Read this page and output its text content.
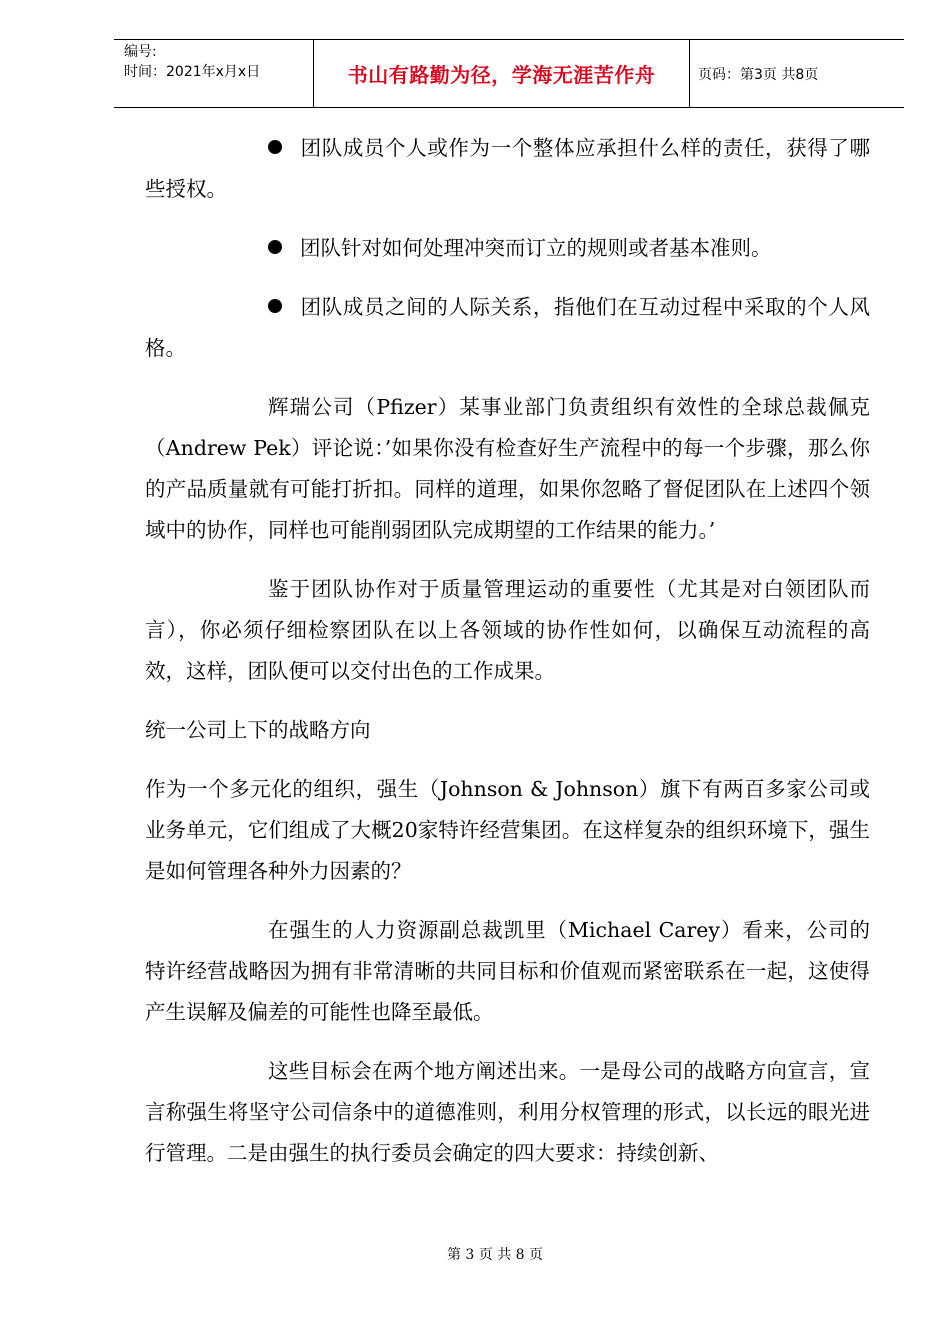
编号:
时间：2021年x月x日	书山有路勤为径，学海无涯苦作舟	页码：第3页 共8页

团队成员个人或作为一个整体应承担什么样的责任，获得了哪些授权。

团队针对如何处理冲突而订立的规则或者基本准则。

团队成员之间的人际关系，指他们在互动过程中采取的个人风格。

辉瑞公司（Pfizer）某事业部门负责组织有效性的全球总裁佩克（Andrew Pek）评论说：’如果你没有检查好生产流程中的每一个步骤，那么你的产品质量就有可能打折扣。同样的道理，如果你忽略了督促团队在上述四个领域中的协作，同样也可能削弱团队完成期望的工作结果的能力。’

鉴于团队协作对于质量管理运动的重要性（尤其是对白领团队而言），你必须仔细检察团队在以上各领域的协作性如何，以确保互动流程的高效，这样，团队便可以交付出色的工作成果。

统一公司上下的战略方向

作为一个多元化的组织，强生（Johnson & Johnson）旗下有两百多家公司或业务单元，它们组成了大概20家特许经营集团。在这样复杂的组织环境下，强生是如何管理各种外力因素的？

在强生的人力资源副总裁凯里（Michael Carey）看来，公司的特许经营战略因为拥有非常清晰的共同目标和价值观而紧密联系在一起，这使得产生误解及偏差的可能性也降至最低。

这些目标会在两个地方阐述出来。一是母公司的战略方向宣言，宣言称强生将坚守公司信条中的道德准则，利用分权管理的形式，以长远的眼光进行管理。二是由强生的执行委员会确定的四大要求：持续创新、

第 3 页 共 8 页
